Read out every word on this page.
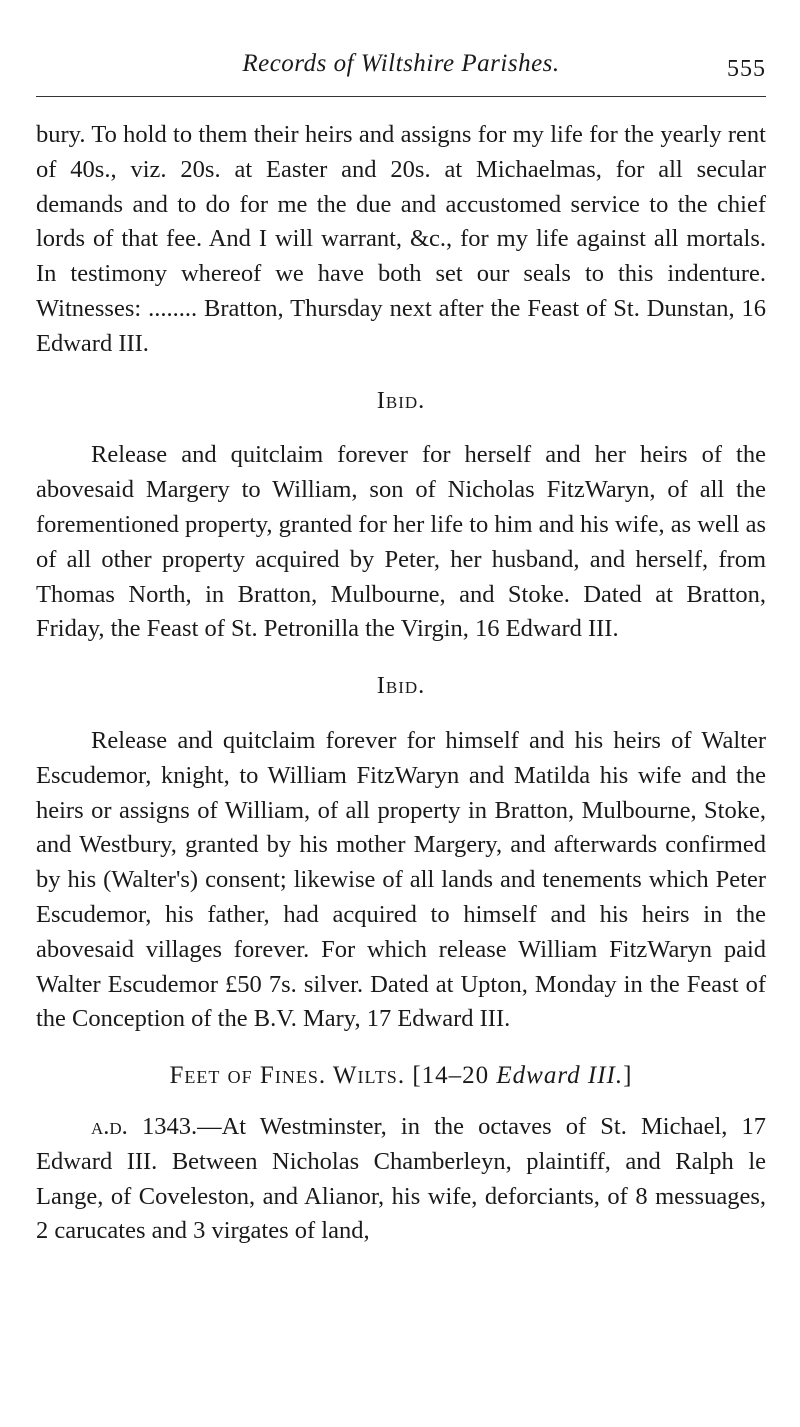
Records of Wiltshire Parishes.	555

bury. To hold to them their heirs and assigns for my life for the yearly rent of 40s., viz. 20s. at Easter and 20s. at Michaelmas, for all secular demands and to do for me the due and accustomed service to the chief lords of that fee. And I will warrant, &c., for my life against all mortals. In testimony whereof we have both set our seals to this indenture. Witnesses: ........ Bratton, Thursday next after the Feast of St. Dunstan, 16 Edward III.

Ibid.

Release and quitclaim forever for herself and her heirs of the abovesaid Margery to William, son of Nicholas FitzWaryn, of all the forementioned property, granted for her life to him and his wife, as well as of all other property acquired by Peter, her husband, and herself, from Thomas North, in Bratton, Mulbourne, and Stoke. Dated at Bratton, Friday, the Feast of St. Petronilla the Virgin, 16 Edward III.

Ibid.

Release and quitclaim forever for himself and his heirs of Walter Escudemor, knight, to William FitzWaryn and Matilda his wife and the heirs or assigns of William, of all property in Bratton, Mulbourne, Stoke, and Westbury, granted by his mother Margery, and afterwards confirmed by his (Walter's) consent; likewise of all lands and tenements which Peter Escudemor, his father, had acquired to himself and his heirs in the abovesaid villages forever. For which release William FitzWaryn paid Walter Escudemor £50 7s. silver. Dated at Upton, Monday in the Feast of the Conception of the B.V. Mary, 17 Edward III.

Feet of Fines. Wilts. [14–20 Edward III.]

a.d. 1343.—At Westminster, in the octaves of St. Michael, 17 Edward III. Between Nicholas Chamberleyn, plaintiff, and Ralph le Lange, of Coveleston, and Alianor, his wife, deforciants, of 8 messuages, 2 carucates and 3 virgates of land,
